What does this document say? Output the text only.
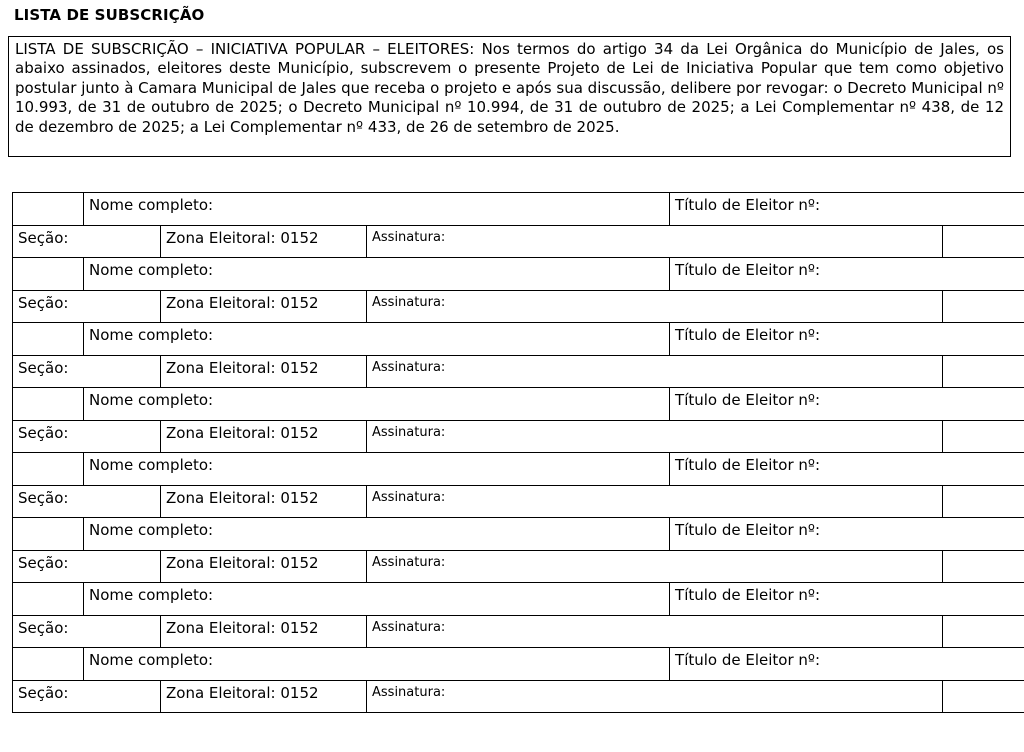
LISTA DE SUBSCRIÇÃO
LISTA DE SUBSCRIÇÃO – INICIATIVA POPULAR – ELEITORES: Nos termos do artigo 34 da Lei Orgânica do Município de Jales, os abaixo assinados, eleitores deste Município, subscrevem o presente Projeto de Lei de Iniciativa Popular que tem como objetivo postular junto à Camara Municipal de Jales que receba o projeto e após sua discussão, delibere por revogar: o Decreto Municipal nº 10.993, de 31 de outubro de 2025; o Decreto Municipal nº 10.994, de 31 de outubro de 2025; a Lei Complementar nº 438, de 12 de dezembro de 2025; a Lei Complementar nº 433, de 26 de setembro de 2025.
	Nome completo:			Título de Eleitor nº:	
Seção:		Zona Eleitoral: 0152	Assinatura:		
	Nome completo:			Título de Eleitor nº:	
Seção:		Zona Eleitoral: 0152	Assinatura:		
	Nome completo:			Título de Eleitor nº:	
Seção:		Zona Eleitoral: 0152	Assinatura:		
	Nome completo:			Título de Eleitor nº:	
Seção:		Zona Eleitoral: 0152	Assinatura:		
	Nome completo:			Título de Eleitor nº:	
Seção:		Zona Eleitoral: 0152	Assinatura:		
	Nome completo:			Título de Eleitor nº:	
Seção:		Zona Eleitoral: 0152	Assinatura:		
	Nome completo:			Título de Eleitor nº:	
Seção:		Zona Eleitoral: 0152	Assinatura:		
	Nome completo:			Título de Eleitor nº:	
Seção:		Zona Eleitoral: 0152	Assinatura:		
